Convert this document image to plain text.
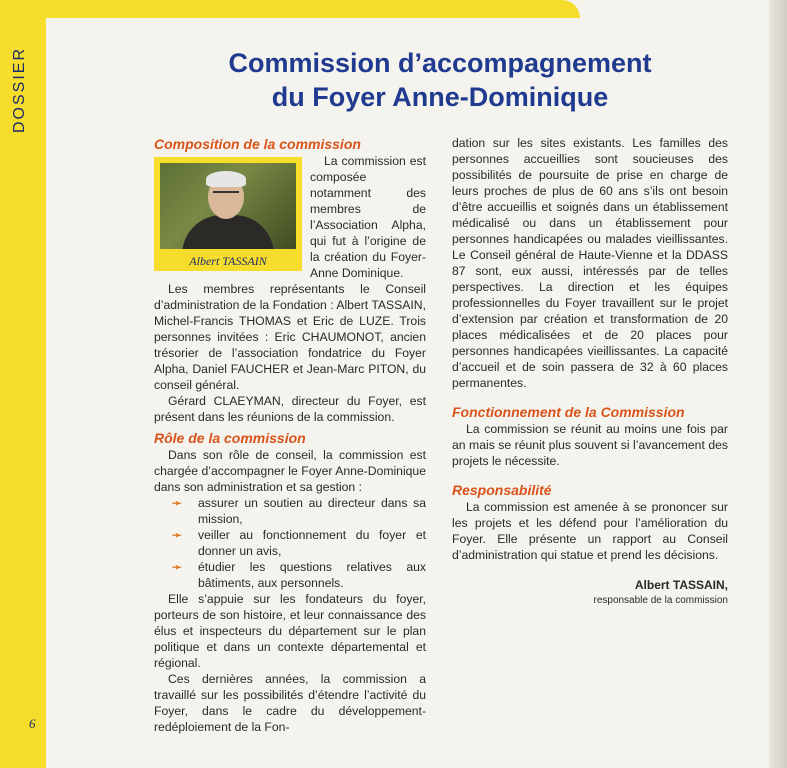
DOSSIER	Commission d’accompagnement
du Foyer Anne-Dominique
Composition de la commission
Albert TASSAIN

La commission est composée notamment des membres de l’Association Alpha, qui fut à l’origine de la création du Foyer-Anne Dominique.

Les membres représentants le Conseil d’administration de la Fondation : Albert TASSAIN, Michel-Francis THOMAS et Eric de LUZE. Trois personnes invitées : Eric CHAUMONOT, ancien trésorier de l’association fondatrice du Foyer Alpha, Daniel FAUCHER et Jean-Marc PITON, du conseil général.

Gérard CLAEYMAN, directeur du Foyer, est présent dans les réunions de la commission.

Rôle de la commission

Dans son rôle de conseil, la commission est chargée d’accompagner le Foyer Anne-Dominique dans son administration et sa gestion :

➛ assurer un soutien au directeur dans sa mission,
➛ veiller au fonctionnement du foyer et donner un avis,
➛ étudier les questions relatives aux bâtiments, aux personnels.

Elle s’appuie sur les fondateurs du foyer, porteurs de son histoire, et leur connaissance des élus et inspecteurs du département sur le plan politique et dans un contexte départemental et régional.

Ces dernières années, la commission a travaillé sur les possibilités d’étendre l’activité du Foyer, dans le cadre du développement-redéploiement de la Fon-

dation sur les sites existants. Les familles des personnes accueillies sont soucieuses des possibilités de poursuite de prise en charge de leurs proches de plus de 60 ans s’ils ont besoin d’être accueillis et soignés dans un établissement médicalisé ou dans un établissement pour personnes handicapées ou malades vieillissantes. Le Conseil général de Haute-Vienne et la DDASS 87 sont, eux aussi, intéressés par de telles perspectives. La direction et les équipes professionnelles du Foyer travaillent sur le projet d’extension par création et transformation de 20 places médicalisées et de 20 places pour personnes handicapées vieillissantes. La capacité d’accueil et de soin passera de 32 à 60 places permanentes.

Fonctionnement de la Commission

La commission se réunit au moins une fois par an mais se réunit plus souvent si l’avancement des projets le nécessite.

Responsabilité

La commission est amenée à se prononcer sur les projets et les défend pour l’amélioration du Foyer. Elle présente un rapport au Conseil d’administration qui statue et prend les décisions.

Albert TASSAIN,
responsable de la commission
6
